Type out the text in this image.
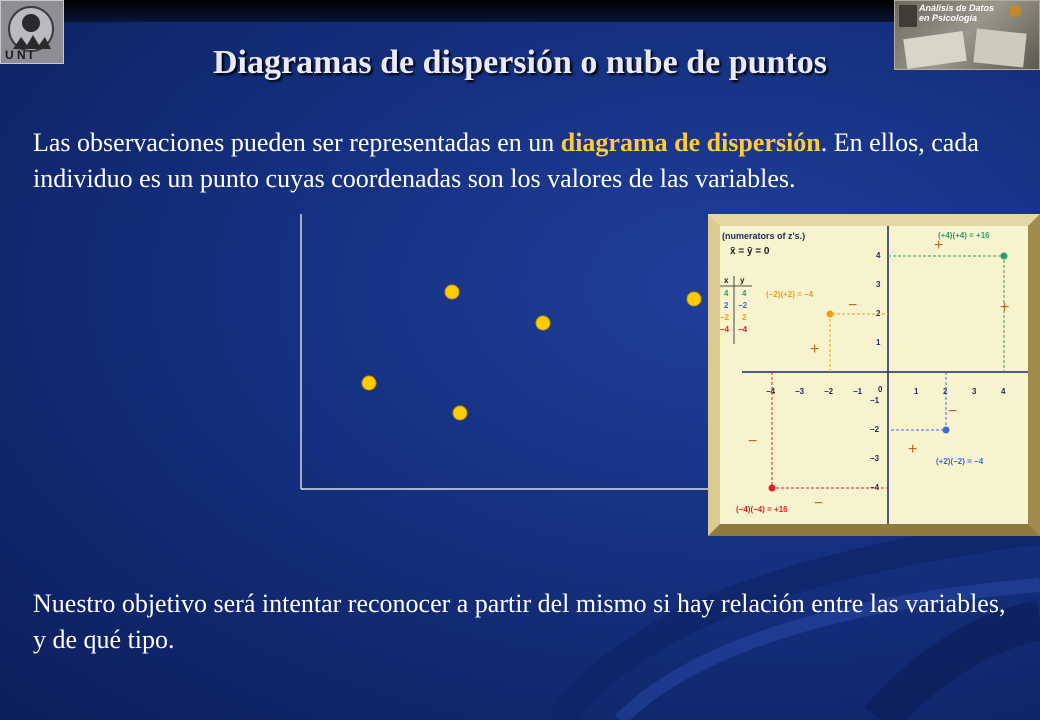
U N I
Análisis de Datos
en Psicología
Diagramas de dispersión o nube de puntos
Las observaciones pueden ser representadas en un diagrama de dispersión. En ellos, cada individuo es un punto cuyas coordenadas son los valores de las variables.
−4 −3 −2 −1 0	1	2	3	4
4
3
2
1
−1
−2
−3
−4
(numerators of z's.)
x̄ = ȳ = 0
x y
4 4
2 −2
−2 2
−4 −4
(+4)(+4) = +16
(−2)(+2) = −4
(+2)(−2) = −4
(−4)(−4) = +16
+
+
−
+
−
+
−
−
Nuestro objetivo será intentar reconocer a partir del mismo si hay relación entre las variables, y de qué tipo.
